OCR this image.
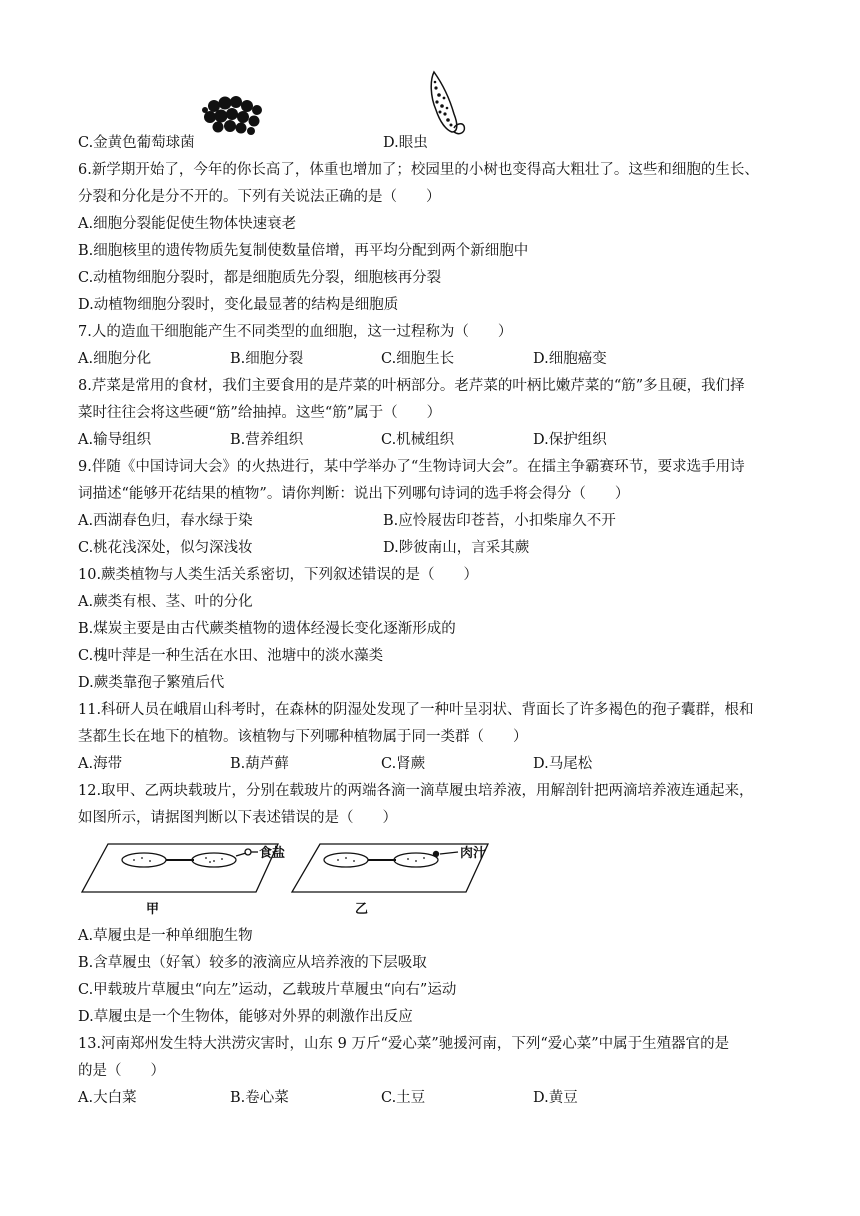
C.金黄色葡萄球菌	D.眼虫
6.新学期开始了，今年的你长高了，体重也增加了；校园里的小树也变得高大粗壮了。这些和细胞的生长、
分裂和分化是分不开的。下列有关说法正确的是（　　）
A.细胞分裂能促使生物体快速衰老
B.细胞核里的遗传物质先复制使数量倍增，再平均分配到两个新细胞中
C.动植物细胞分裂时，都是细胞质先分裂，细胞核再分裂
D.动植物细胞分裂时，变化最显著的结构是细胞质
7.人的造血干细胞能产生不同类型的血细胞，这一过程称为（　　）
A.细胞分化	B.细胞分裂	C.细胞生长	D.细胞癌变
8.芹菜是常用的食材，我们主要食用的是芹菜的叶柄部分。老芹菜的叶柄比嫩芹菜的“筋”多且硬，我们择
菜时往往会将这些硬“筋”给抽掉。这些“筋”属于（　　）
A.输导组织	B.营养组织	C.机械组织	D.保护组织
9.伴随《中国诗词大会》的火热进行，某中学举办了“生物诗词大会”。在擂主争霸赛环节，要求选手用诗
词描述“能够开花结果的植物”。请你判断：说出下列哪句诗词的选手将会得分（　　）
A.西湖春色归，春水绿于染	B.应怜屐齿印苍苔，小扣柴扉久不开
C.桃花浅深处，似匀深浅妆	D.陟彼南山，言采其蕨
10.蕨类植物与人类生活关系密切，下列叙述错误的是（　　）
A.蕨类有根、茎、叶的分化
B.煤炭主要是由古代蕨类植物的遗体经漫长变化逐渐形成的
C.槐叶萍是一种生活在水田、池塘中的淡水藻类
D.蕨类靠孢子繁殖后代
11.科研人员在峨眉山科考时，在森林的阴湿处发现了一种叶呈羽状、背面长了许多褐色的孢子囊群，根和
茎都生长在地下的植物。该植物与下列哪种植物属于同一类群（　　）
A.海带	B.葫芦藓	C.肾蕨	D.马尾松
12.取甲、乙两块载玻片，分别在载玻片的两端各滴一滴草履虫培养液，用解剖针把两滴培养液连通起来，
如图所示，请据图判断以下表述错误的是（　　）
食盐	肉汁
甲	乙
A.草履虫是一种单细胞生物
B.含草履虫（好氧）较多的液滴应从培养液的下层吸取
C.甲载玻片草履虫“向左”运动，乙载玻片草履虫“向右”运动
D.草履虫是一个生物体，能够对外界的刺激作出反应
13.河南郑州发生特大洪涝灾害时，山东 9 万斤“爱心菜”驰援河南，下列“爱心菜”中属于生殖器官的是
的是（　　）
A.大白菜	B.卷心菜	C.土豆	D.黄豆
